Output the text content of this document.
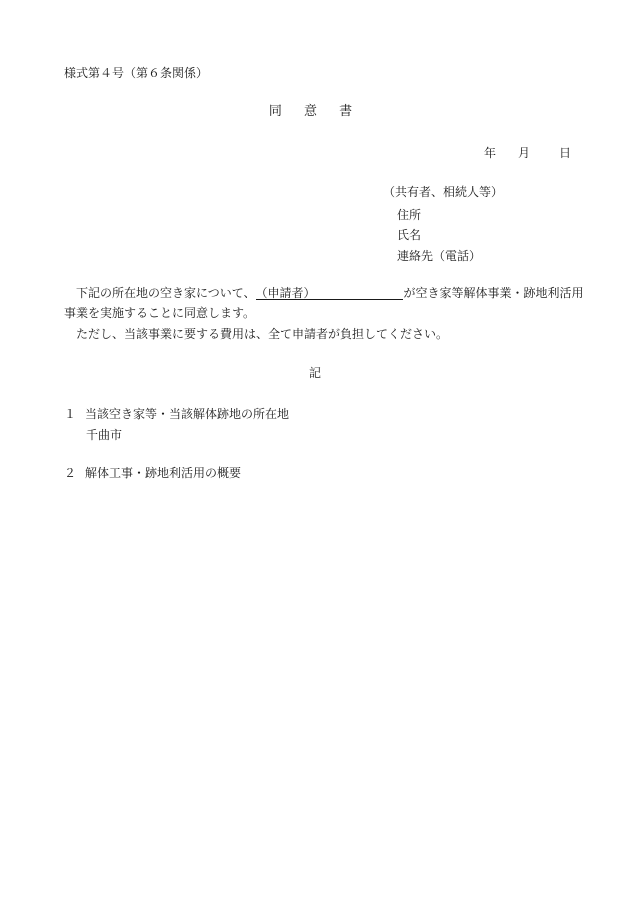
様式第４号（第６条関係）
同 意 書
年 月 日
（共有者、相続人等）
住所
氏名
連絡先（電話）
下記の所在地の空き家について、（申請者）	が空き家等解体事業・跡地利活用
事業を実施することに同意します。
ただし、当該事業に要する費用は、全て申請者が負担してください。
記
１ 当該空き家等・当該解体跡地の所在地
千曲市
２ 解体工事・跡地利活用の概要
